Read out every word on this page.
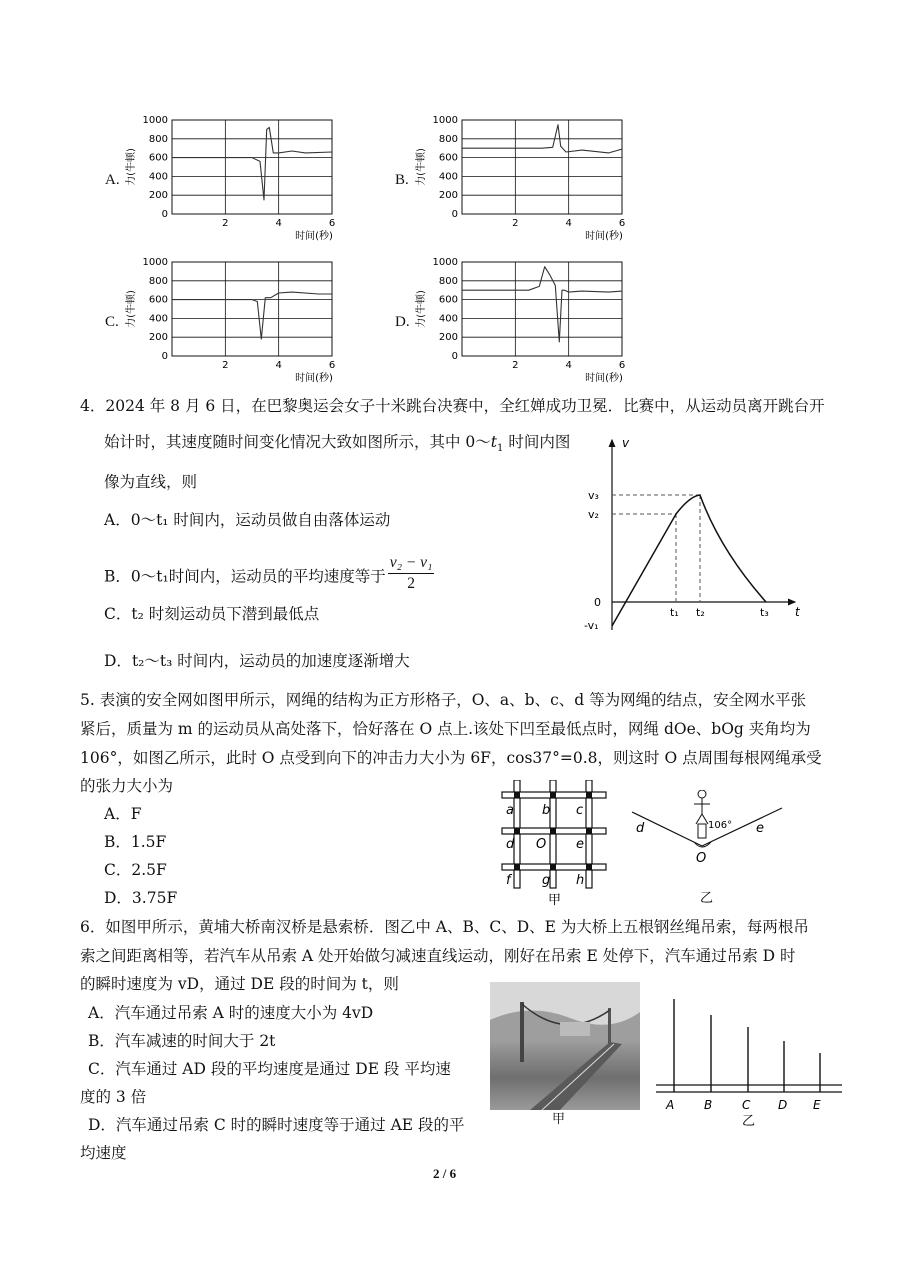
A.	B.
C.	D.
1000
800
600
400
200
0
2	4	6
时间(秒)
力(牛顿)
1000
800
600
400
200
0
2	4	6
时间(秒)
力(牛顿)
1000
800
600
400
200
0
2	4	6
时间(秒)
力(牛顿)
1000
800
600
400
200
0
2	4	6
时间(秒)
力(牛顿)
4．2024 年 8 月 6 日，在巴黎奥运会女子十米跳台决赛中，全红婵成功卫冕．比赛中，从运动员离开跳台开
始计时，其速度随时间变化情况大致如图所示，其中 $0\sim t_1$ 时间内图
像为直线，则
A．0～t₁ 时间内，运动员做自由落体运动
B．0～t₁时间内，运动员的平均速度等于 $\frac{\text{v₂ − v₁}}{2}$
C．t₂ 时刻运动员下潜到最低点
D．t₂～t₃ 时间内，运动员的加速度逐渐增大
v
t
v₃
v₂
0
-v₁
t₁ t₂	t₃
5. 表演的安全网如图甲所示，网绳的结构为正方形格子，O、a、b、c、d 等为网绳的结点，安全网水平张
紧后，质量为 m 的运动员从高处落下，恰好落在 O 点上.该处下凹至最低点时，网绳 dOe、bOg 夹角均为
106°，如图乙所示，此时 O 点受到向下的冲击力大小为 6F，cos37°=0.8，则这时 O 点周围每根网绳承受
的张力大小为
A．F
B．1.5F
C．2.5F
D．3.75F
a b c
d O e
f g h
甲
d	e
O
106°
乙
6．如图甲所示，黄埔大桥南汊桥是悬索桥．图乙中 A、B、C、D、E 为大桥上五根钢丝绳吊索，每两根吊
索之间距离相等，若汽车从吊索 A 处开始做匀减速直线运动，刚好在吊索 E 处停下，汽车通过吊索 D 时
的瞬时速度为 vD，通过 DE 段的时间为 t，则
A．汽车通过吊索 A 时的速度大小为 4vD
B．汽车减速的时间大于 2t
C．汽车通过 AD 段的平均速度是通过 DE 段 平均速
度的 3 倍
D．汽车通过吊索 C 时的瞬时速度等于通过 AE 段的平
均速度
甲
A B C D E
乙
2 / 6
